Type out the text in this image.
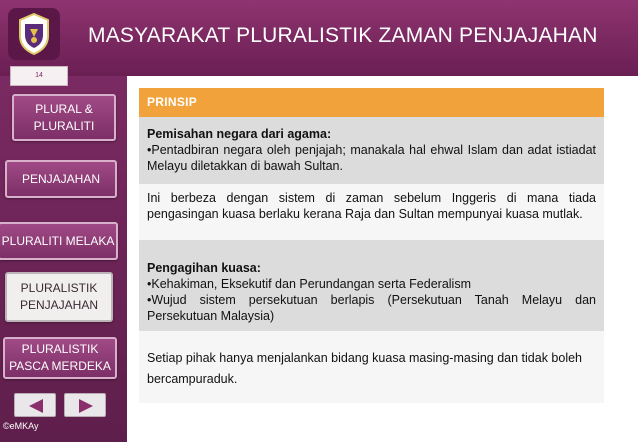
MASYARAKAT PLURALISTIK ZAMAN PENJAJAHAN
14
PLURAL &
PLURALITI
PENJAJAHAN
PLURALITI MELAKA
PLURALISTIK
PENJAJAHAN
PLURALISTIK
PASCA MERDEKA
©eMKAy
PRINSIP
Pemisahan negara dari agama:
•Pentadbiran negara oleh penjajah; manakala hal ehwal Islam dan adat istiadat Melayu diletakkan di bawah Sultan.
Ini berbeza dengan sistem di zaman sebelum Inggeris di mana tiada pengasingan kuasa berlaku kerana Raja dan Sultan mempunyai kuasa mutlak.
Pengagihan kuasa:
•Kehakiman, Eksekutif dan Perundangan serta Federalism
•Wujud sistem persekutuan berlapis (Persekutuan Tanah Melayu dan Persekutuan Malaysia)
Setiap pihak hanya menjalankan bidang kuasa masing-masing dan tidak boleh bercampuraduk.
